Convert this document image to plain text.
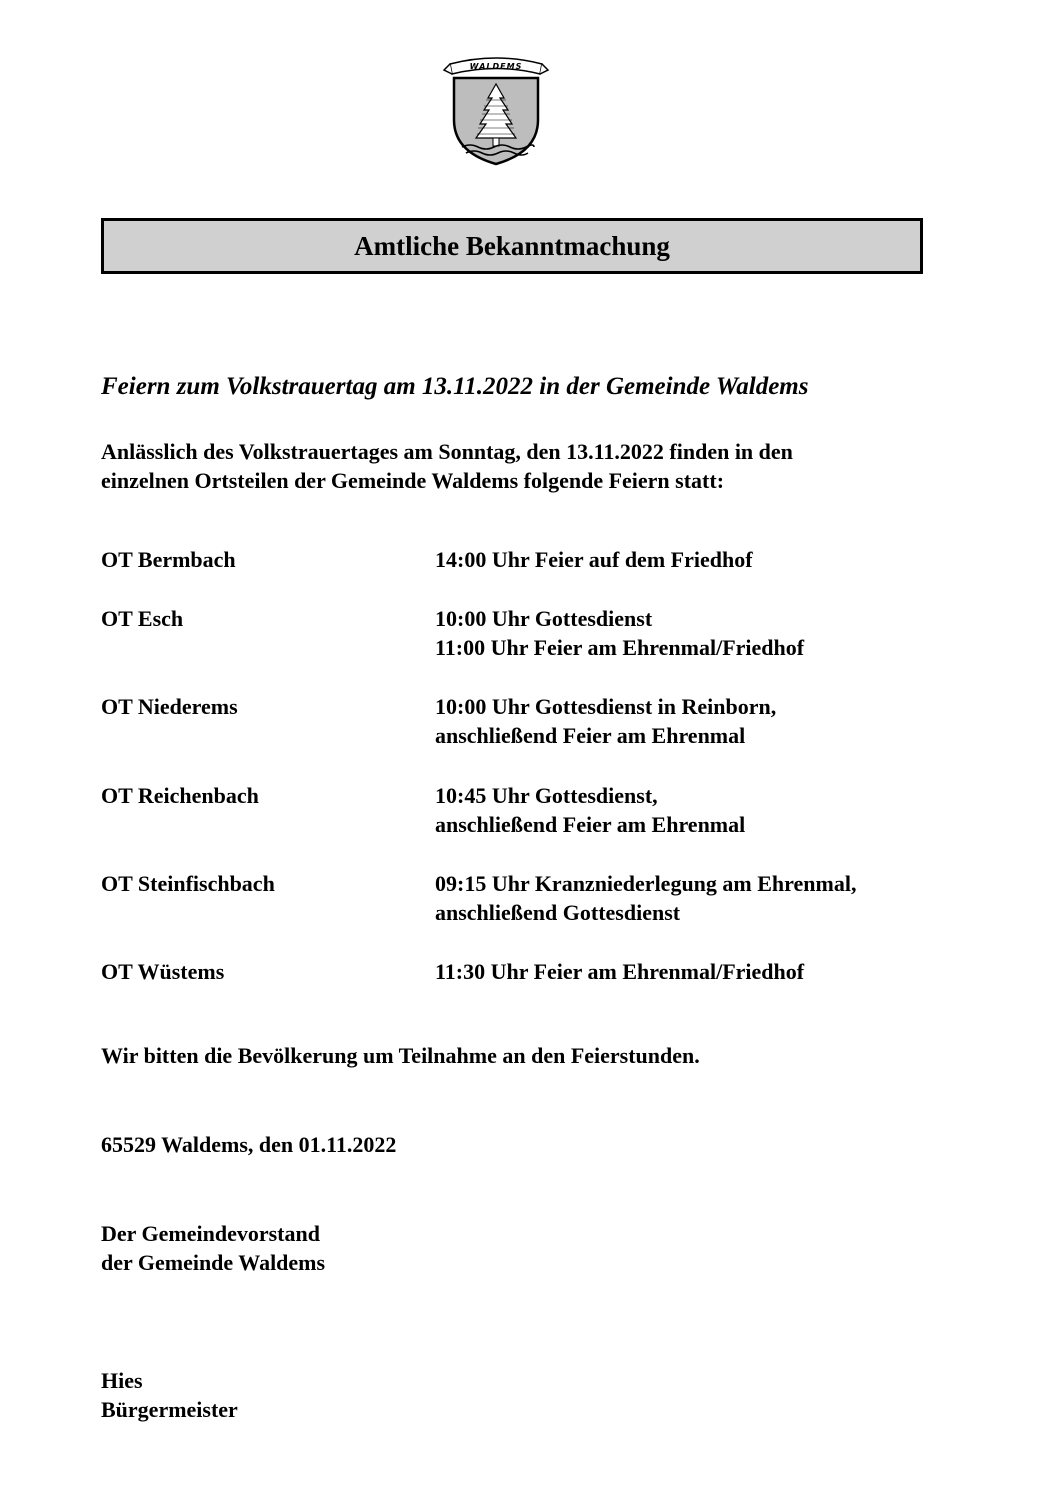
WALDEMS
Amtliche Bekanntmachung
Feiern zum Volkstrauertag am 13.11.2022 in der Gemeinde Waldems
Anlässlich des Volkstrauertages am Sonntag, den 13.11.2022 finden in den
einzelnen Ortsteilen der Gemeinde Waldems folgende Feiern statt:
OT Bermbach	14:00 Uhr Feier auf dem Friedhof
OT Esch	10:00 Uhr Gottesdienst
11:00 Uhr Feier am Ehrenmal/Friedhof
OT Niederems	10:00 Uhr Gottesdienst in Reinborn,
anschließend Feier am Ehrenmal
OT Reichenbach	10:45 Uhr Gottesdienst,
anschließend Feier am Ehrenmal
OT Steinfischbach	09:15 Uhr Kranzniederlegung am Ehrenmal,
anschließend Gottesdienst
OT Wüstems	11:30 Uhr Feier am Ehrenmal/Friedhof
Wir bitten die Bevölkerung um Teilnahme an den Feierstunden.
65529 Waldems, den 01.11.2022
Der Gemeindevorstand
der Gemeinde Waldems
Hies
Bürgermeister
